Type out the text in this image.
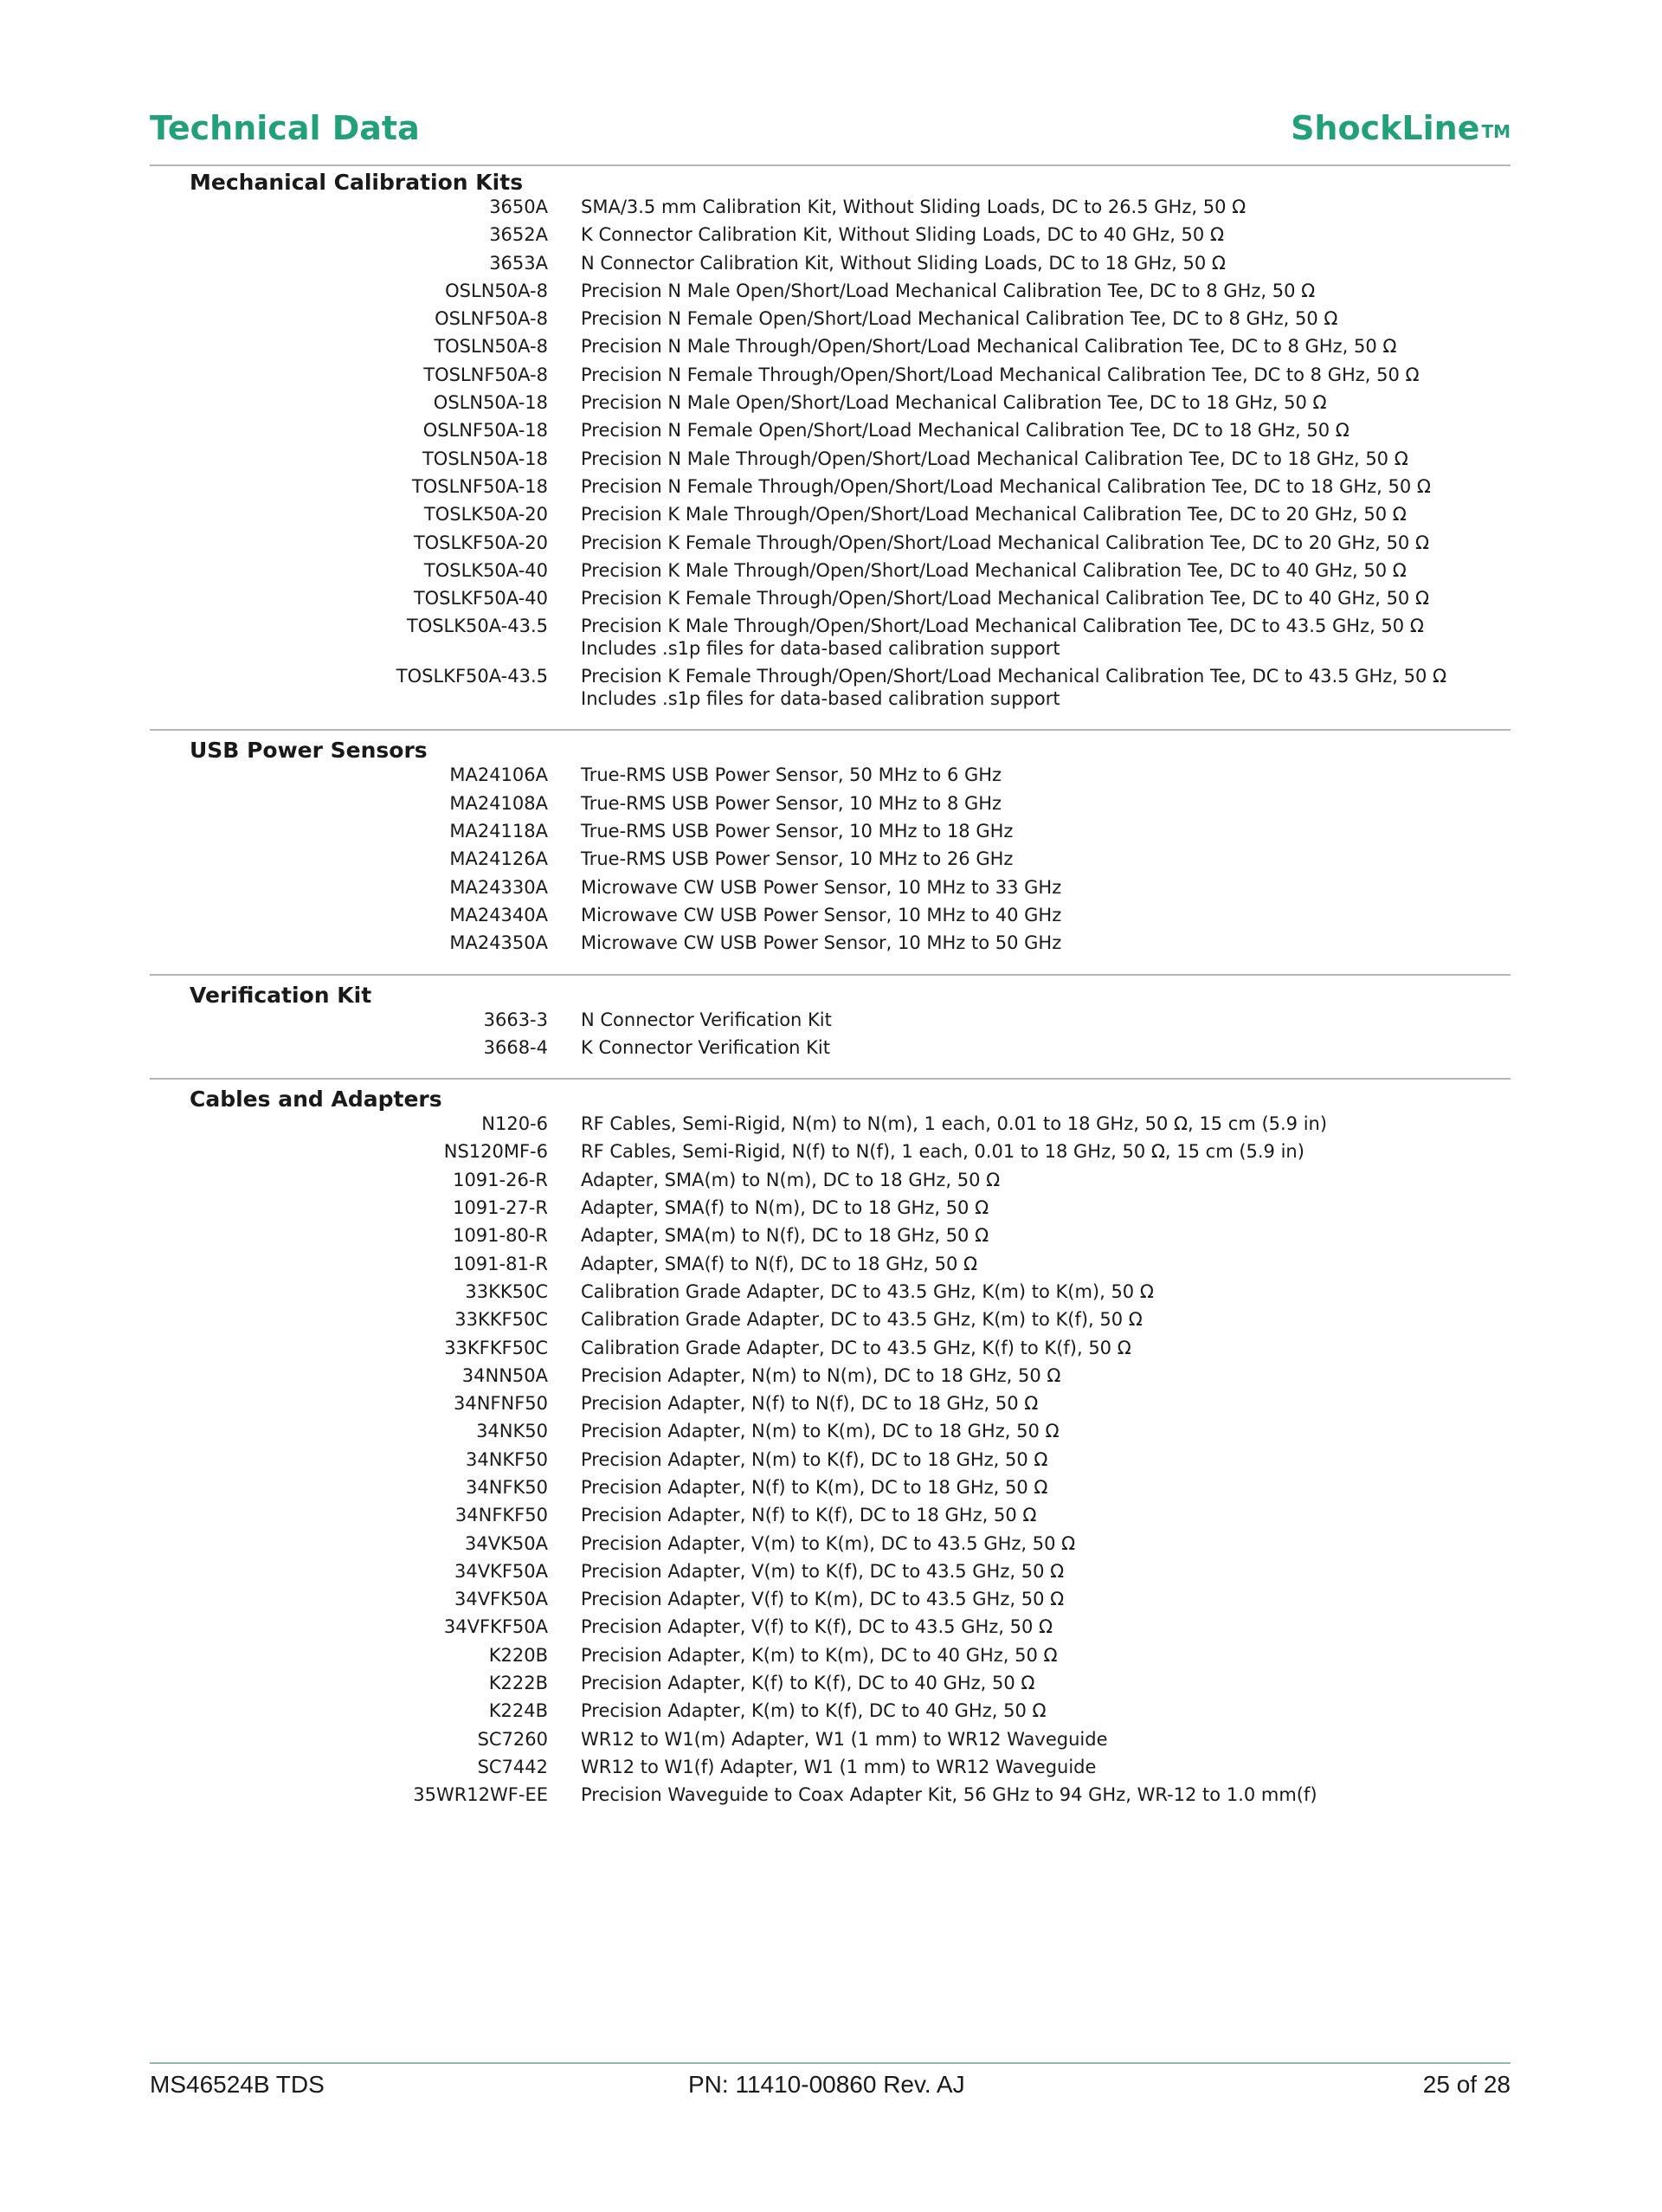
Technical Data	ShockLine ™
Mechanical Calibration Kits
3650A SMA/3.5 mm Calibration Kit, Without Sliding Loads, DC to 26.5 GHz, 50 Ω
3652A K Connector Calibration Kit, Without Sliding Loads, DC to 40 GHz, 50 Ω
3653A N Connector Calibration Kit, Without Sliding Loads, DC to 18 GHz, 50 Ω
OSLN50A-8 Precision N Male Open/Short/Load Mechanical Calibration Tee, DC to 8 GHz, 50 Ω
OSLNF50A-8 Precision N Female Open/Short/Load Mechanical Calibration Tee, DC to 8 GHz, 50 Ω
TOSLN50A-8 Precision N Male Through/Open/Short/Load Mechanical Calibration Tee, DC to 8 GHz, 50 Ω
TOSLNF50A-8 Precision N Female Through/Open/Short/Load Mechanical Calibration Tee, DC to 8 GHz, 50 Ω
OSLN50A-18 Precision N Male Open/Short/Load Mechanical Calibration Tee, DC to 18 GHz, 50 Ω
OSLNF50A-18 Precision N Female Open/Short/Load Mechanical Calibration Tee, DC to 18 GHz, 50 Ω
TOSLN50A-18 Precision N Male Through/Open/Short/Load Mechanical Calibration Tee, DC to 18 GHz, 50 Ω
TOSLNF50A-18 Precision N Female Through/Open/Short/Load Mechanical Calibration Tee, DC to 18 GHz, 50 Ω
TOSLK50A-20 Precision K Male Through/Open/Short/Load Mechanical Calibration Tee, DC to 20 GHz, 50 Ω
TOSLKF50A-20 Precision K Female Through/Open/Short/Load Mechanical Calibration Tee, DC to 20 GHz, 50 Ω
TOSLK50A-40 Precision K Male Through/Open/Short/Load Mechanical Calibration Tee, DC to 40 GHz, 50 Ω
TOSLKF50A-40 Precision K Female Through/Open/Short/Load Mechanical Calibration Tee, DC to 40 GHz, 50 Ω
TOSLK50A-43.5 Precision K Male Through/Open/Short/Load Mechanical Calibration Tee, DC to 43.5 GHz, 50 Ω
Includes .s1p files for data-based calibration support
TOSLKF50A-43.5 Precision K Female Through/Open/Short/Load Mechanical Calibration Tee, DC to 43.5 GHz, 50 Ω
Includes .s1p files for data-based calibration support
USB Power Sensors
MA24106A True-RMS USB Power Sensor, 50 MHz to 6 GHz
MA24108A True-RMS USB Power Sensor, 10 MHz to 8 GHz
MA24118A True-RMS USB Power Sensor, 10 MHz to 18 GHz
MA24126A True-RMS USB Power Sensor, 10 MHz to 26 GHz
MA24330A Microwave CW USB Power Sensor, 10 MHz to 33 GHz
MA24340A Microwave CW USB Power Sensor, 10 MHz to 40 GHz
MA24350A Microwave CW USB Power Sensor, 10 MHz to 50 GHz
Verification Kit
3663-3 N Connector Verification Kit
3668-4 K Connector Verification Kit
Cables and Adapters
N120-6 RF Cables, Semi-Rigid, N(m) to N(m), 1 each, 0.01 to 18 GHz, 50 Ω, 15 cm (5.9 in)
NS120MF-6 RF Cables, Semi-Rigid, N(f) to N(f), 1 each, 0.01 to 18 GHz, 50 Ω, 15 cm (5.9 in)
1091-26-R Adapter, SMA(m) to N(m), DC to 18 GHz, 50 Ω
1091-27-R Adapter, SMA(f) to N(m), DC to 18 GHz, 50 Ω
1091-80-R Adapter, SMA(m) to N(f), DC to 18 GHz, 50 Ω
1091-81-R Adapter, SMA(f) to N(f), DC to 18 GHz, 50 Ω
33KK50C Calibration Grade Adapter, DC to 43.5 GHz, K(m) to K(m), 50 Ω
33KKF50C Calibration Grade Adapter, DC to 43.5 GHz, K(m) to K(f), 50 Ω
33KFKF50C Calibration Grade Adapter, DC to 43.5 GHz, K(f) to K(f), 50 Ω
34NN50A Precision Adapter, N(m) to N(m), DC to 18 GHz, 50 Ω
34NFNF50 Precision Adapter, N(f) to N(f), DC to 18 GHz, 50 Ω
34NK50 Precision Adapter, N(m) to K(m), DC to 18 GHz, 50 Ω
34NKF50 Precision Adapter, N(m) to K(f), DC to 18 GHz, 50 Ω
34NFK50 Precision Adapter, N(f) to K(m), DC to 18 GHz, 50 Ω
34NFKF50 Precision Adapter, N(f) to K(f), DC to 18 GHz, 50 Ω
34VK50A Precision Adapter, V(m) to K(m), DC to 43.5 GHz, 50 Ω
34VKF50A Precision Adapter, V(m) to K(f), DC to 43.5 GHz, 50 Ω
34VFK50A Precision Adapter, V(f) to K(m), DC to 43.5 GHz, 50 Ω
34VFKF50A Precision Adapter, V(f) to K(f), DC to 43.5 GHz, 50 Ω
K220B Precision Adapter, K(m) to K(m), DC to 40 GHz, 50 Ω
K222B Precision Adapter, K(f) to K(f), DC to 40 GHz, 50 Ω
K224B Precision Adapter, K(m) to K(f), DC to 40 GHz, 50 Ω
SC7260 WR12 to W1(m) Adapter, W1 (1 mm) to WR12 Waveguide
SC7442 WR12 to W1(f) Adapter, W1 (1 mm) to WR12 Waveguide
35WR12WF-EE Precision Waveguide to Coax Adapter Kit, 56 GHz to 94 GHz, WR-12 to 1.0 mm(f)
MS46524B TDS	PN: 11410-00860 Rev. AJ	25 of 28
